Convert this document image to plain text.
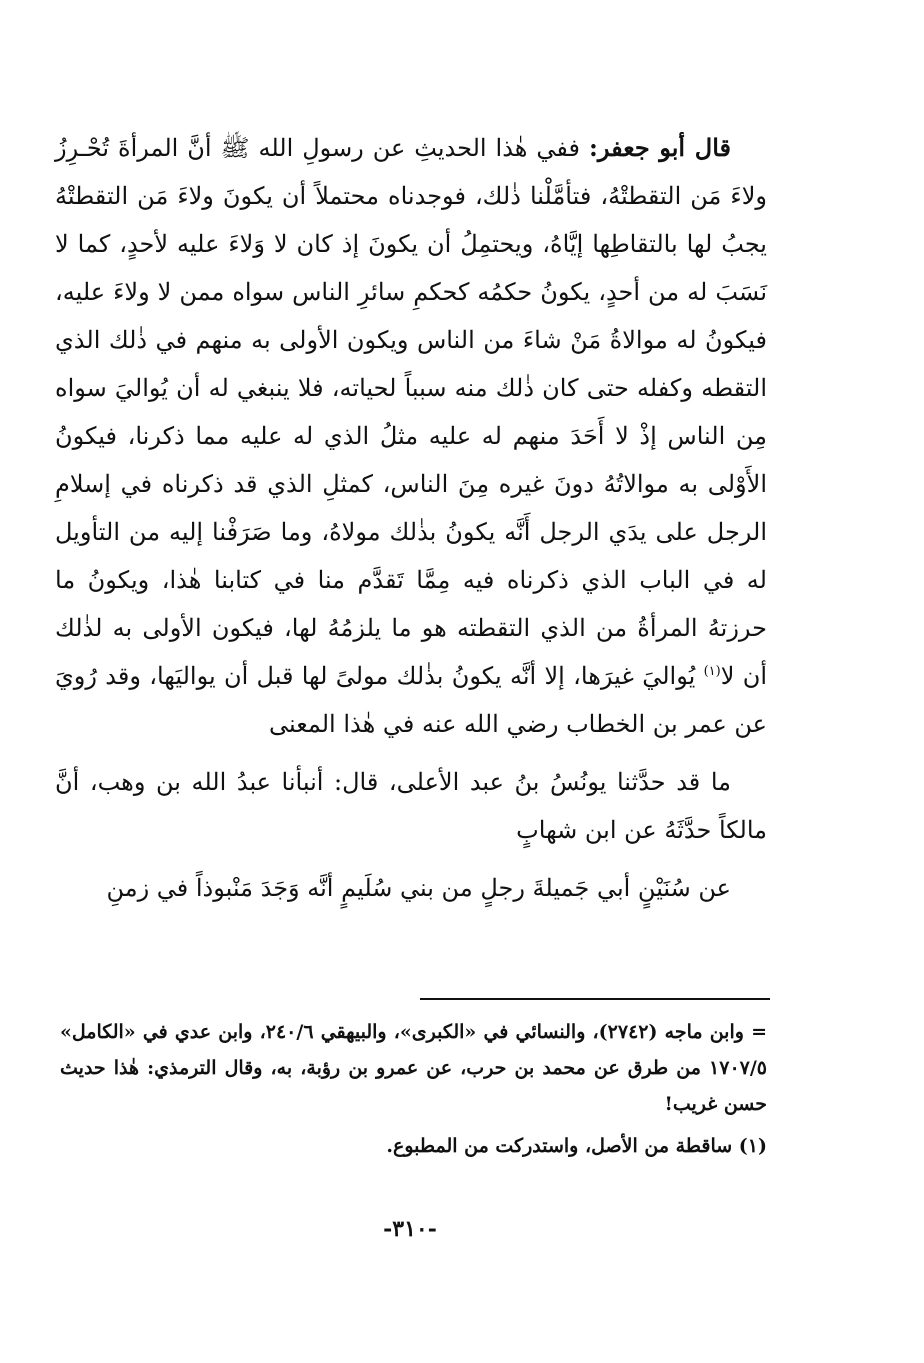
قال أبو جعفر: ففي هٰذا الحديثِ عن رسولِ الله ﷺ أنَّ المرأةَ تُحْـرِزُ ولاءَ مَن التقطتْهُ، فتأمَّلْنا ذٰلك، فوجدناه محتملاً أن يكونَ ولاءَ مَن التقطتْهُ يجبُ لها بالتقاطِها إيَّاهُ، ويحتمِلُ أن يكونَ إذ كان لا وَلاءَ عليه لأحدٍ، كما لا نَسَبَ له من أحدٍ، يكونُ حكمُه كحكمِ سائرِ الناس سواه ممن لا ولاءَ عليه، فيكونُ له موالاةُ مَنْ شاءَ من الناس ويكون الأولى به منهم في ذٰلك الذي التقطه وكفله حتى كان ذٰلك منه سبباً لحياته، فلا ينبغي له أن يُواليَ سواه مِن الناس إذْ لا أَحَدَ منهم له عليه مثلُ الذي له عليه مما ذكرنا، فيكونُ الأَوْلى به موالاتُهُ دونَ غيره مِنَ الناس، كمثلِ الذي قد ذكرناه في إسلامِ الرجل على يدَي الرجل أَنَّه يكونُ بذٰلك مولاهُ، وما صَرَفْنا إليه من التأويل له في الباب الذي ذكرناه فيه مِمَّا تَقدَّم منا في كتابنا هٰذا، ويكونُ ما حرزتهُ المرأةُ من الذي التقطته هو ما يلزمُهُ لها، فيكون الأولى به لذٰلك أن لا$^{(١)}$ يُواليَ غيرَها، إلا أنَّه يكونُ بذٰلك مولىً لها قبل أن يواليَها، وقد رُويَ عن عمر بن الخطاب رضي الله عنه في هٰذا المعنى

ما قد حدَّثنا يونُسُ بنُ عبد الأعلى، قال: أنبأنا عبدُ الله بن وهب، أنَّ مالكاً حدَّثَهُ عن ابن شهابٍ

عن سُنَيْنٍ أبي جَميلةَ رجلٍ من بني سُلَيمٍ أنَّه وَجَدَ مَنْبوذاً في زمنِ

= وابن ماجه (٢٧٤٢)، والنسائي في «الكبرى»، والبيهقي ٢٤٠/٦، وابن عدي في «الكامل» ١٧٠٧/٥ من طرق عن محمد بن حرب، عن عمرو بن رؤبة، به، وقال الترمذي: هٰذا حديث حسن غريب!

(١) ساقطة من الأصل، واستدركت من المطبوع.

-٣١٠-
